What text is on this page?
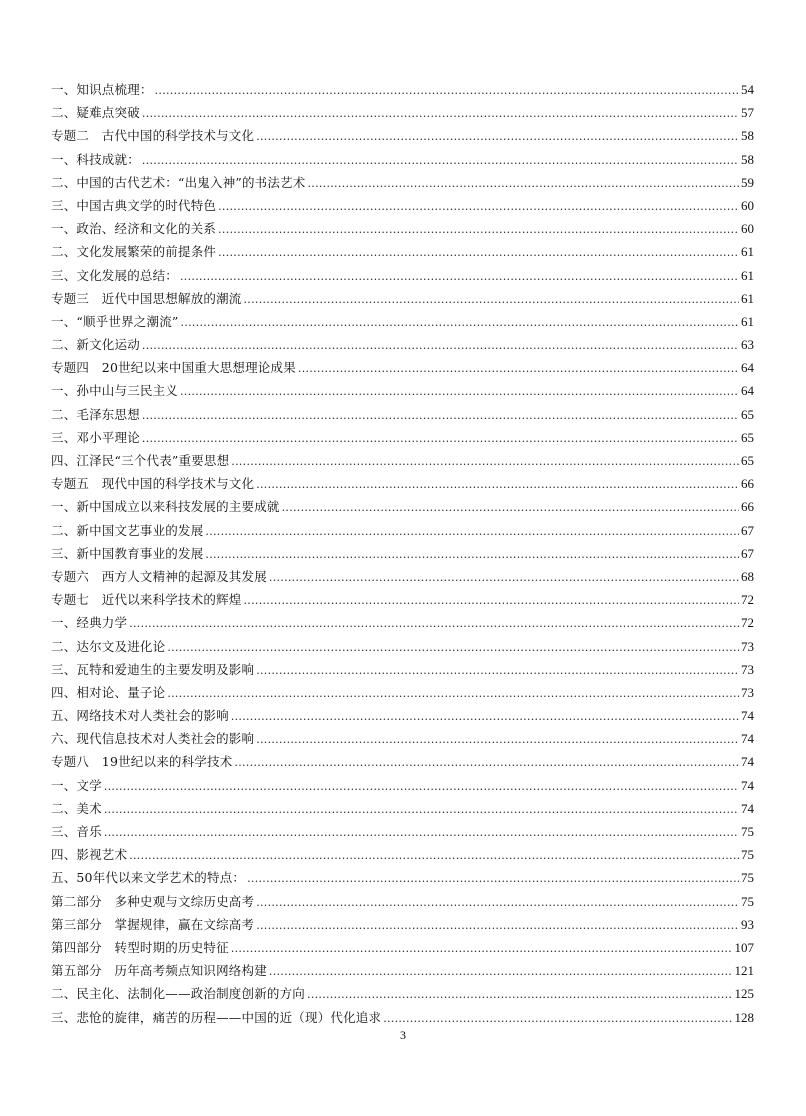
一、知识点梳理： .....	54
二、疑难点突破 .....	57
专题二　古代中国的科学技术与文化 .....	58
一、科技成就： .....	58
二、中国的古代艺术：“出鬼入神”的书法艺术 .....	59
三、中国古典文学的时代特色 .....	60
一、政治、经济和文化的关系 .....	60
二、文化发展繁荣的前提条件 .....	61
三、文化发展的总结： .....	61
专题三　近代中国思想解放的潮流 .....	61
一、“顺乎世界之潮流” .....	61
二、新文化运动 .....	63
专题四　20世纪以来中国重大思想理论成果 .....	64
一、孙中山与三民主义 .....	64
二、毛泽东思想 .....	65
三、邓小平理论 .....	65
四、江泽民“三个代表”重要思想 .....	65
专题五　现代中国的科学技术与文化 .....	66
一、新中国成立以来科技发展的主要成就 .....	66
二、新中国文艺事业的发展 .....	67
三、新中国教育事业的发展 .....	67
专题六　西方人文精神的起源及其发展 .....	68
专题七　近代以来科学技术的辉煌 .....	72
一、经典力学 .....	72
二、达尔文及进化论 .....	73
三、瓦特和爱迪生的主要发明及影响 .....	73
四、相对论、量子论 .....	73
五、网络技术对人类社会的影响 .....	74
六、现代信息技术对人类社会的影响 .....	74
专题八　19世纪以来的科学技术 .....	74
一、文学 .....	74
二、美术 .....	74
三、音乐 .....	75
四、影视艺术 .....	75
五、50年代以来文学艺术的特点： .....	75
第二部分　多种史观与文综历史高考 .....	75
第三部分　掌握规律，赢在文综高考 .....	93
第四部分　转型时期的历史特征 .....	107
第五部分　历年高考频点知识网络构建 .....	121
二、民主化、法制化——政治制度创新的方向 .....	125
三、悲怆的旋律，痛苦的历程——中国的近（现）代化追求 .....	128
3
